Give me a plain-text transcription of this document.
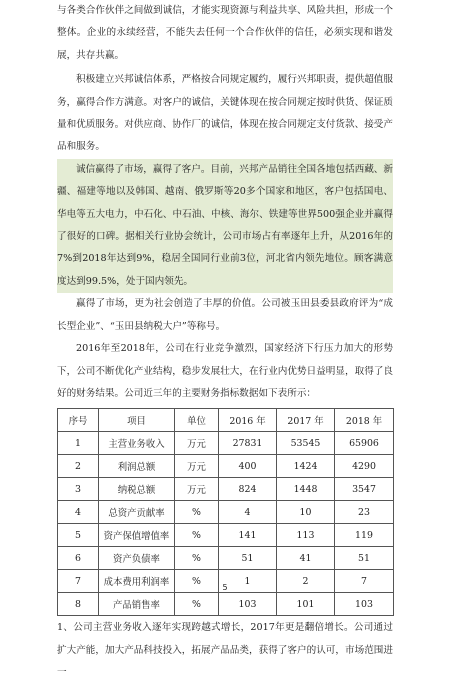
与各类合作伙伴之间做到诚信，才能实现资源与利益共享、风险共担，形成一个整体。企业的永续经营，不能失去任何一个合作伙伴的信任，必须实现和谐发展，共存共赢。

积极建立兴邦诚信体系，严格按合同规定履约，履行兴邦职责，提供超值服务，赢得合作方满意。对客户的诚信，关键体现在按合同规定按时供货、保证质量和优质服务。对供应商、协作厂的诚信，体现在按合同规定支付货款、接受产品和服务。

诚信赢得了市场，赢得了客户。目前，兴邦产品销往全国各地包括西藏、新疆、福建等地以及韩国、越南、俄罗斯等20多个国家和地区，客户包括国电、华电等五大电力，中石化、中石油、中核、海尔、铁建等世界500强企业并赢得了很好的口碑。据相关行业协会统计，公司市场占有率逐年上升，从2016年的7%到2018年达到9%，稳居全国同行业前3位，河北省内领先地位。顾客满意度达到99.5%，处于国内领先。

赢得了市场，更为社会创造了丰厚的价值。公司被玉田县委县政府评为“成长型企业”、“玉田县纳税大户”等称号。

2016年至2018年，公司在行业竞争激烈，国家经济下行压力加大的形势下，公司不断优化产业结构，稳步发展壮大，在行业内优势日益明显，取得了良好的财务结果。公司近三年的主要财务指标数据如下表所示：

序号	项目	单位	2016 年	2017 年	2018 年
1	主营业务收入	万元	27831	53545	65906
2	利润总额	万元	400	1424	4290
3	纳税总额	万元	824	1448	3547
4	总资产贡献率	%	4	10	23
5	资产保值增值率	%	141	113	119
6	资产负债率	%	51	41	51
7	成本费用利润率	%	1	2	7
8	产品销售率	%	103	101	103

1、公司主营业务收入逐年实现跨越式增长，2017年更是翻倍增长。公司通过扩大产能，加大产品科技投入，拓展产品品类，获得了客户的认可，市场范围进一

5
